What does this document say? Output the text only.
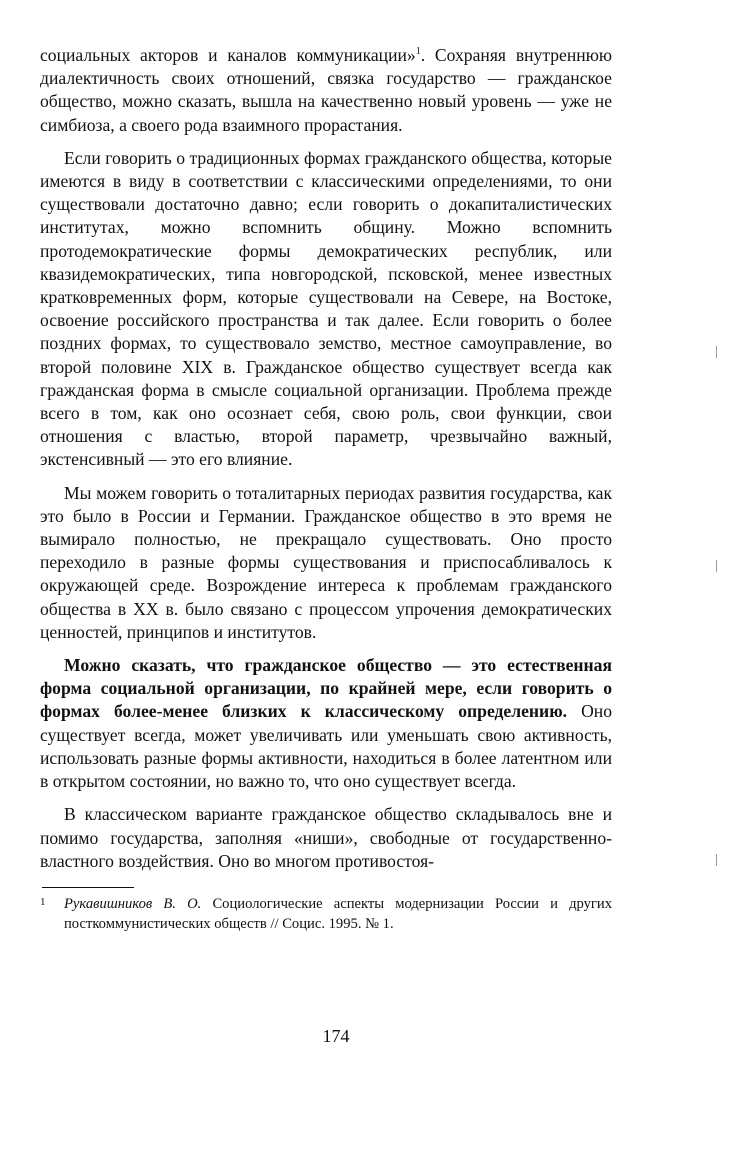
социальных акторов и каналов коммуникации»$^1$. Сохраняя внутреннюю диалектичность своих отношений, связка государство — гражданское общество, можно сказать, вышла на качественно новый уровень — уже не симбиоза, а своего рода взаимного прорастания.

Если говорить о традиционных формах гражданского общества, которые имеются в виду в соответствии с классическими определениями, то они существовали достаточно давно; если говорить о докапиталистических институтах, можно вспомнить общину. Можно вспомнить протодемократические формы демократических республик, или квазидемократических, типа новгородской, псковской, менее известных кратковременных форм, которые существовали на Севере, на Востоке, освоение российского пространства и так далее. Если говорить о более поздних формах, то существовало земство, местное самоуправление, во второй половине XIX в. Гражданское общество существует всегда как гражданская форма в смысле социальной организации. Проблема прежде всего в том, как оно осознает себя, свою роль, свои функции, свои отношения с властью, второй параметр, чрезвычайно важный, экстенсивный — это его влияние.

Мы можем говорить о тоталитарных периодах развития государства, как это было в России и Германии. Гражданское общество в это время не вымирало полностью, не прекращало существовать. Оно просто переходило в разные формы существования и приспосабливалось к окружающей среде. Возрождение интереса к проблемам гражданского общества в XX в. было связано с процессом упрочения демократических ценностей, принципов и институтов.

Можно сказать, что гражданское общество — это естественная форма социальной организации, по крайней мере, если говорить о формах более-менее близких к классическому определению. Оно существует всегда, может увеличивать или уменьшать свою активность, использовать разные формы активности, находиться в более латентном или в открытом состоянии, но важно то, что оно существует всегда.

В классическом варианте гражданское общество складывалось вне и помимо государства, заполняя «ниши», свободные от государственно-властного воздействия. Оно во многом противостоя-

1 Рукавишников В. О. Социологические аспекты модернизации России и других посткоммунистических обществ // Социс. 1995. № 1.

174
